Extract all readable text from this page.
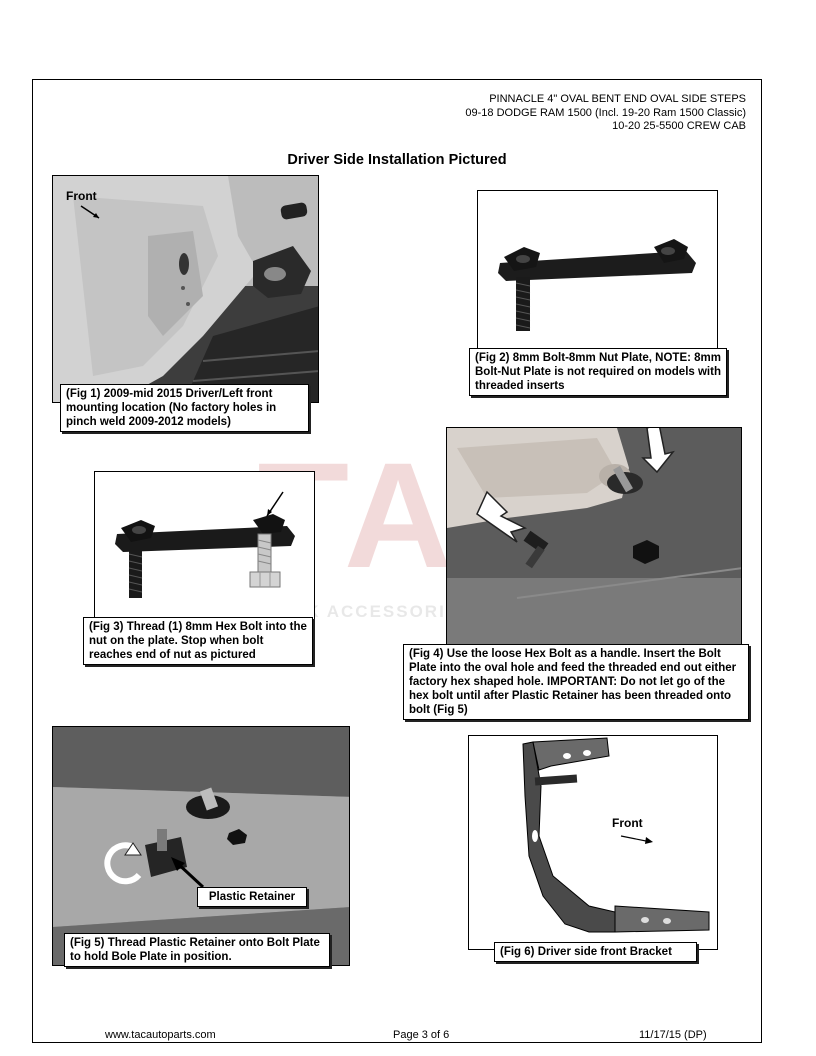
PINNACLE 4" OVAL BENT END OVAL SIDE STEPS
09-18 DODGE RAM 1500 (Incl. 19-20 Ram 1500 Classic)
10-20 25-5500 CREW CAB
Driver Side Installation Pictured
TAC
TRUCK ACCESSORIES COMPANY
Front
(Fig 1) 2009-mid 2015 Driver/Left front mounting location (No factory holes in pinch weld 2009-2012 models)
(Fig 2) 8mm Bolt-8mm Nut Plate, NOTE: 8mm Bolt-Nut Plate is not required on models with threaded inserts
(Fig 3) Thread (1) 8mm Hex Bolt into the nut on the plate. Stop when bolt reaches end of nut as pictured	(Fig 4) Use the loose Hex Bolt as a handle. Insert the Bolt Plate into the oval hole and feed the threaded end out either factory hex shaped hole. IMPORTANT: Do not let go of the hex bolt until after Plastic Retainer has been threaded onto bolt (Fig 5)
Plastic Retainer
(Fig 5) Thread Plastic Retainer onto Bolt Plate to hold Bole Plate in position.
Front
(Fig 6) Driver side front Bracket
www.tacautoparts.com	Page 3 of 6	11/17/15 (DP)
